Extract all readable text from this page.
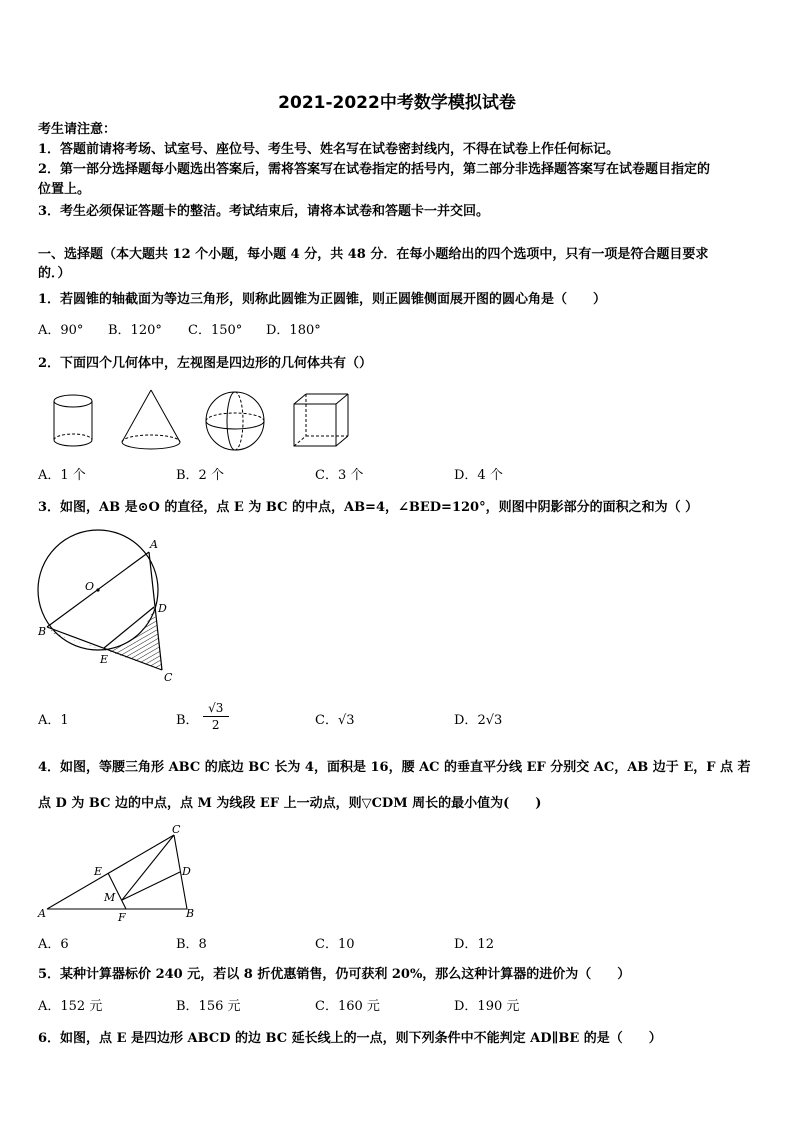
2021-2022中考数学模拟试卷
考生请注意：
1．答题前请将考场、试室号、座位号、考生号、姓名写在试卷密封线内，不得在试卷上作任何标记。
2．第一部分选择题每小题选出答案后，需将答案写在试卷指定的括号内，第二部分非选择题答案写在试卷题目指定的
位置上。
3．考生必须保证答题卡的整洁。考试结束后，请将本试卷和答题卡一并交回。
一、选择题（本大题共 12 个小题，每小题 4 分，共 48 分．在每小题给出的四个选项中，只有一项是符合题目要求
的．）
1．若圆锥的轴截面为等边三角形，则称此圆锥为正圆锥，则正圆锥侧面展开图的圆心角是（　　）
A．90° B．120° C．150° D．180°
2．下面四个几何体中，左视图是四边形的几何体共有（）
A．1 个	B．2 个	C．3 个	D．4 个
3．如图，AB 是⊙O 的直径，点 E 为 BC 的中点，AB=4，∠BED=120°，则图中阴影部分的面积之和为（ ）
A
O
D
B
E
C
A．1	B． $\frac{√3}{2}$	C．√3	D．2√3
4．如图，等腰三角形 ABC 的底边 BC 长为 4，面积是 16，腰 AC 的垂直平分线 EF 分别交 AC，AB 边于 E，F 点 若
点 D 为 BC 边的中点，点 M 为线段 EF 上一动点，则▽CDM 周长的最小值为(　　)
C
D
E
M
A	F	B
A．6	B．8	C．10	D．12
5．某种计算器标价 240 元，若以 8 折优惠销售，仍可获利 20%，那么这种计算器的进价为（　　）
A．152 元	B．156 元	C．160 元	D．190 元
6．如图，点 E 是四边形 ABCD 的边 BC 延长线上的一点，则下列条件中不能判定 AD∥BE 的是（　　）
